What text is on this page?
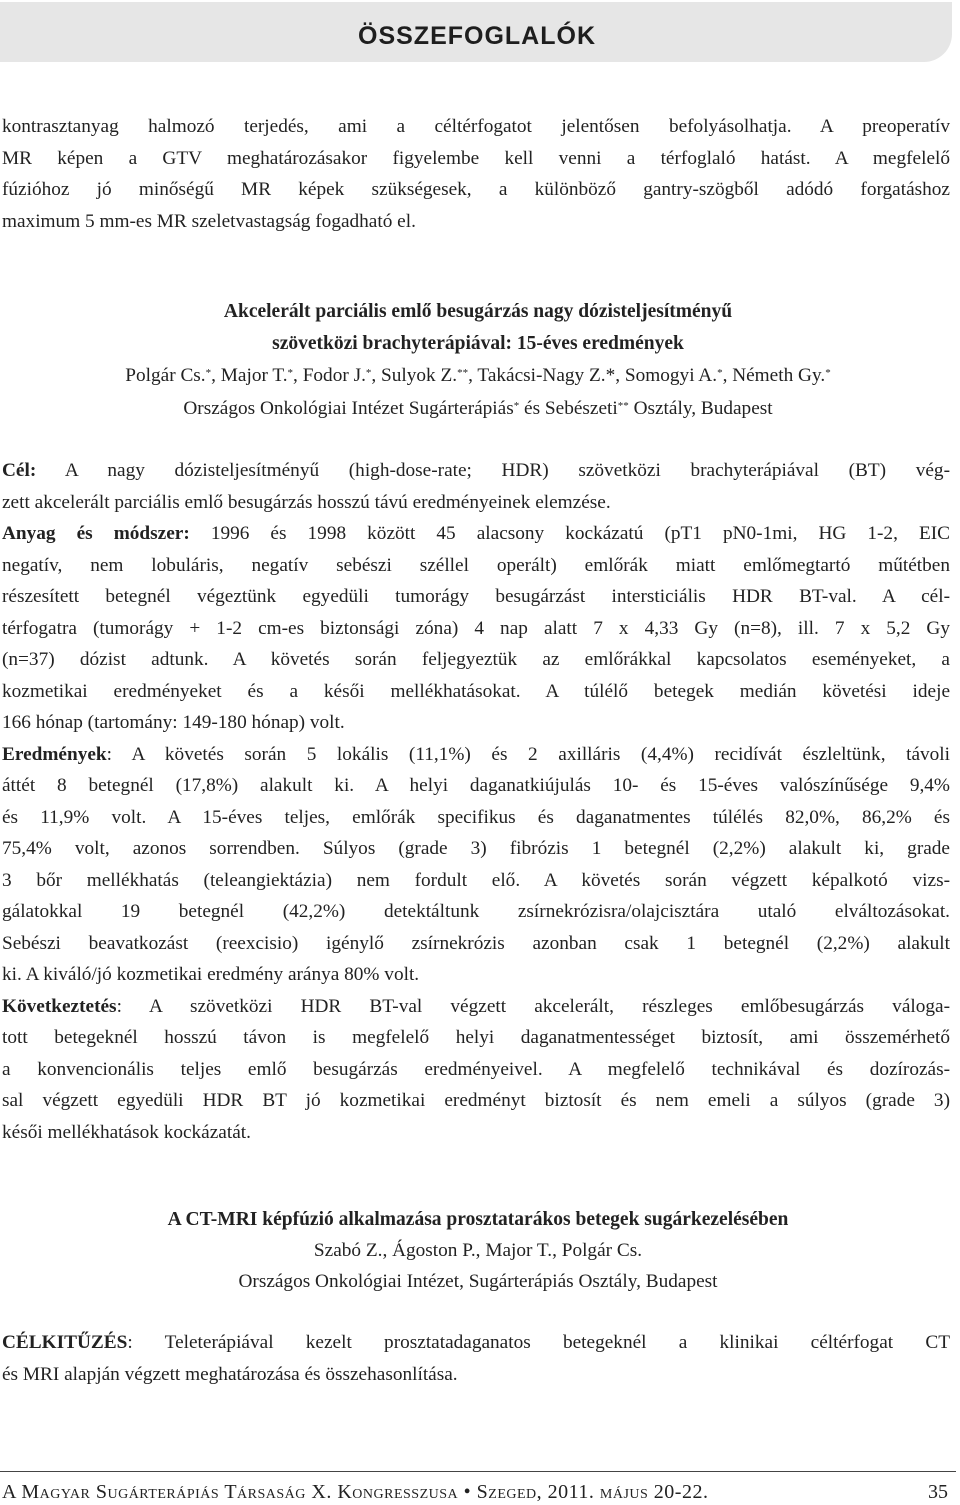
ÖSSZEFOGLALÓK

kontrasztanyag halmozó terjedés, ami a céltérfogatot jelentősen befolyásolhatja. A preoperatív

MR képen a GTV meghatározásakor figyelembe kell venni a térfoglaló hatást. A megfelelő

fúzióhoz jó minőségű MR képek szükségesek, a különböző gantry-szögből adódó forgatáshoz

maximum 5 mm-es MR szeletvastagság fogadható el.

Akcelerált parciális emlő besugárzás nagy dózisteljesítményű
szövetközi brachyterápiával: 15-éves eredmények
Polgár Cs.*, Major T.*, Fodor J.*, Sulyok Z.**, Takácsi-Nagy Z.*, Somogyi A.*, Németh Gy.*
Országos Onkológiai Intézet Sugárterápiás* és Sebészeti** Osztály, Budapest

Cél: A nagy dózisteljesítményű (high-dose-rate; HDR) szövetközi brachyterápiával (BT) vég-

zett akcelerált parciális emlő besugárzás hosszú távú eredményeinek elemzése.

Anyag és módszer: 1996 és 1998 között 45 alacsony kockázatú (pT1 pN0-1mi, HG 1-2, EIC

negatív, nem lobuláris, negatív sebészi széllel operált) emlőrák miatt emlőmegtartó műtétben

részesített betegnél végeztünk egyedüli tumorágy besugárzást intersticiális HDR BT-val. A cél-

térfogatra (tumorágy + 1-2 cm-es biztonsági zóna) 4 nap alatt 7 x 4,33 Gy (n=8), ill. 7 x 5,2 Gy

(n=37) dózist adtunk. A követés során feljegyeztük az emlőrákkal kapcsolatos eseményeket, a

kozmetikai eredményeket és a késői mellékhatásokat. A túlélő betegek medián követési ideje

166 hónap (tartomány: 149-180 hónap) volt.

Eredmények: A követés során 5 lokális (11,1%) és 2 axilláris (4,4%) recidívát észleltünk, távoli

áttét 8 betegnél (17,8%) alakult ki. A helyi daganatkiújulás 10- és 15-éves valószínűsége 9,4%

és 11,9% volt. A 15-éves teljes, emlőrák specifikus és daganatmentes túlélés 82,0%, 86,2% és

75,4% volt, azonos sorrendben. Súlyos (grade 3) fibrózis 1 betegnél (2,2%) alakult ki, grade

3 bőr mellékhatás (teleangiektázia) nem fordult elő. A követés során végzett képalkotó vizs-

gálatokkal 19 betegnél (42,2%) detektáltunk zsírnekrózisra/olajcisztára utaló elváltozásokat.

Sebészi beavatkozást (reexcisio) igénylő zsírnekrózis azonban csak 1 betegnél (2,2%) alakult

ki. A kiváló/jó kozmetikai eredmény aránya 80% volt.

Következtetés: A szövetközi HDR BT-val végzett akcelerált, részleges emlőbesugárzás váloga-

tott betegeknél hosszú távon is megfelelő helyi daganatmentességet biztosít, ami összemérhető

a konvencionális teljes emlő besugárzás eredményeivel. A megfelelő technikával és dozírozás-

sal végzett egyedüli HDR BT jó kozmetikai eredményt biztosít és nem emeli a súlyos (grade 3)

késői mellékhatások kockázatát.

A CT-MRI képfúzió alkalmazása prosztatarákos betegek sugárkezelésében
Szabó Z., Ágoston P., Major T., Polgár Cs.
Országos Onkológiai Intézet, Sugárterápiás Osztály, Budapest

CÉLKITŰZÉS: Teleterápiával kezelt prosztatadaganatos betegeknél a klinikai céltérfogat CT

és MRI alapján végzett meghatározása és összehasonlítása.

A Magyar Sugárterápiás Társaság X. Kongresszusa • Szeged, 2011. május 20-22.	35
